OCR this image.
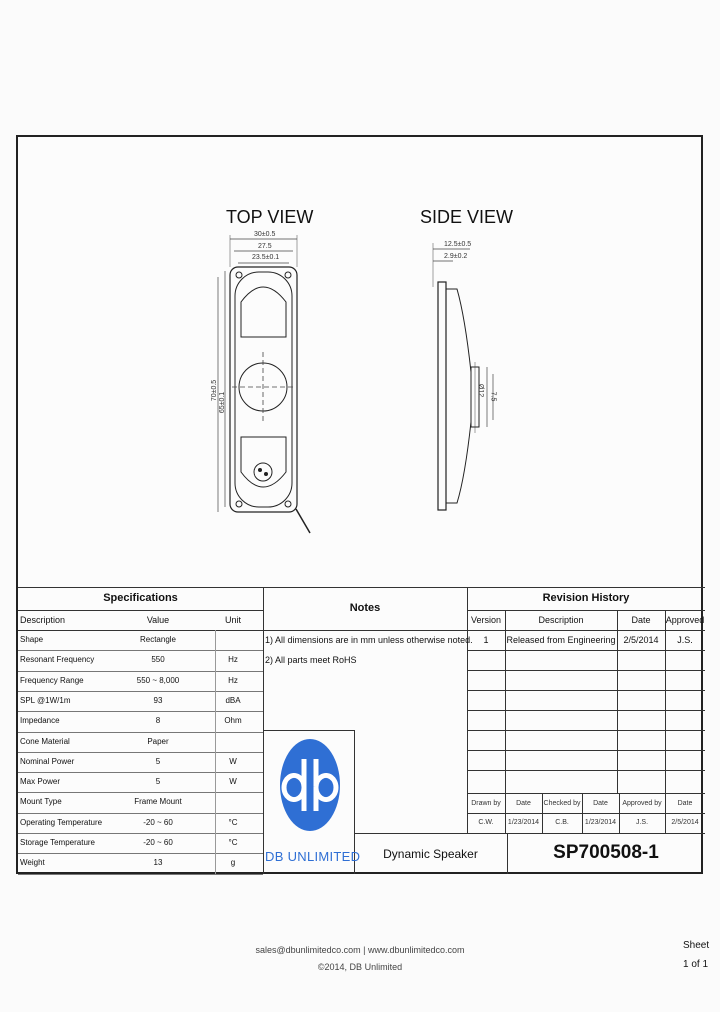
TOP VIEW	SIDE VIEW
30±0.5
27.5
23.5±0.1
70±0.5
65±0.1
12.5±0.5
2.9±0.2
Ø12 7.5
Specifications
Description	Value	Unit
Shape	Rectangle
Resonant Frequency	550	Hz
Frequency Range	550 ~ 8,000	Hz
SPL @1W/1m	93	dBA
Impedance	8	Ohm
Cone Material	Paper
Nominal Power	5	W
Max Power	5	W
Mount Type	Frame Mount
Operating Temperature	-20 ~ 60	°C
Storage Temperature	-20 ~ 60	°C
Weight	13	g
Notes
1) All dimensions are in mm unless otherwise noted.
2) All parts meet RoHS
DB UNLIMITED	Dynamic Speaker	SP700508-1
Revision History
Version	Description	Date	Approved
1	Released from Engineering 2/5/2014	J.S.
Drawn by	Date	Checked by	Date	Approved by	Date
C.W.	1/23/2014	C.B.	1/23/2014	J.S.	2/5/2014
sales@dbunlimitedco.com | www.dbunlimitedco.com
©2014, DB Unlimited
Sheet
1 of 1
